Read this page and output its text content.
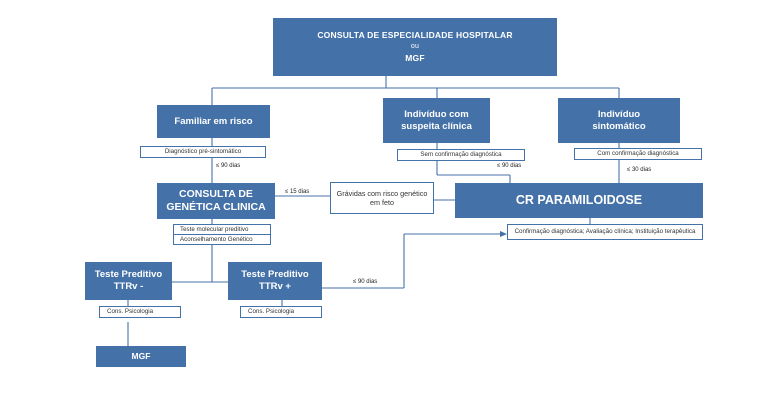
CONSULTA DE ESPECIALIDADE HOSPITALAR
ou
MGF
Familiar em risco
Indivíduo com
suspeita clínica
Indivíduo
sintomático
Diagnóstico pré-sintomático	Sem confirmação diagnóstica	Com confirmação diagnóstica
CONSULTA DE
GENÉTICA CLINICA
Grávidas com risco genético
em feto	CR PARAMILOIDOSE
Teste molecular preditivo
Aconselhamento Genético
Confirmação diagnóstica; Avaliação clínica; Instituição terapêutica
Teste Preditivo
TTRv -
Teste Preditivo
TTRv +
Cons. Psicologia	Cons. Psicologia
MGF
≤ 90 dias	≤ 90 dias
≤ 30 dias
≤ 15 dias
≤ 90 dias
